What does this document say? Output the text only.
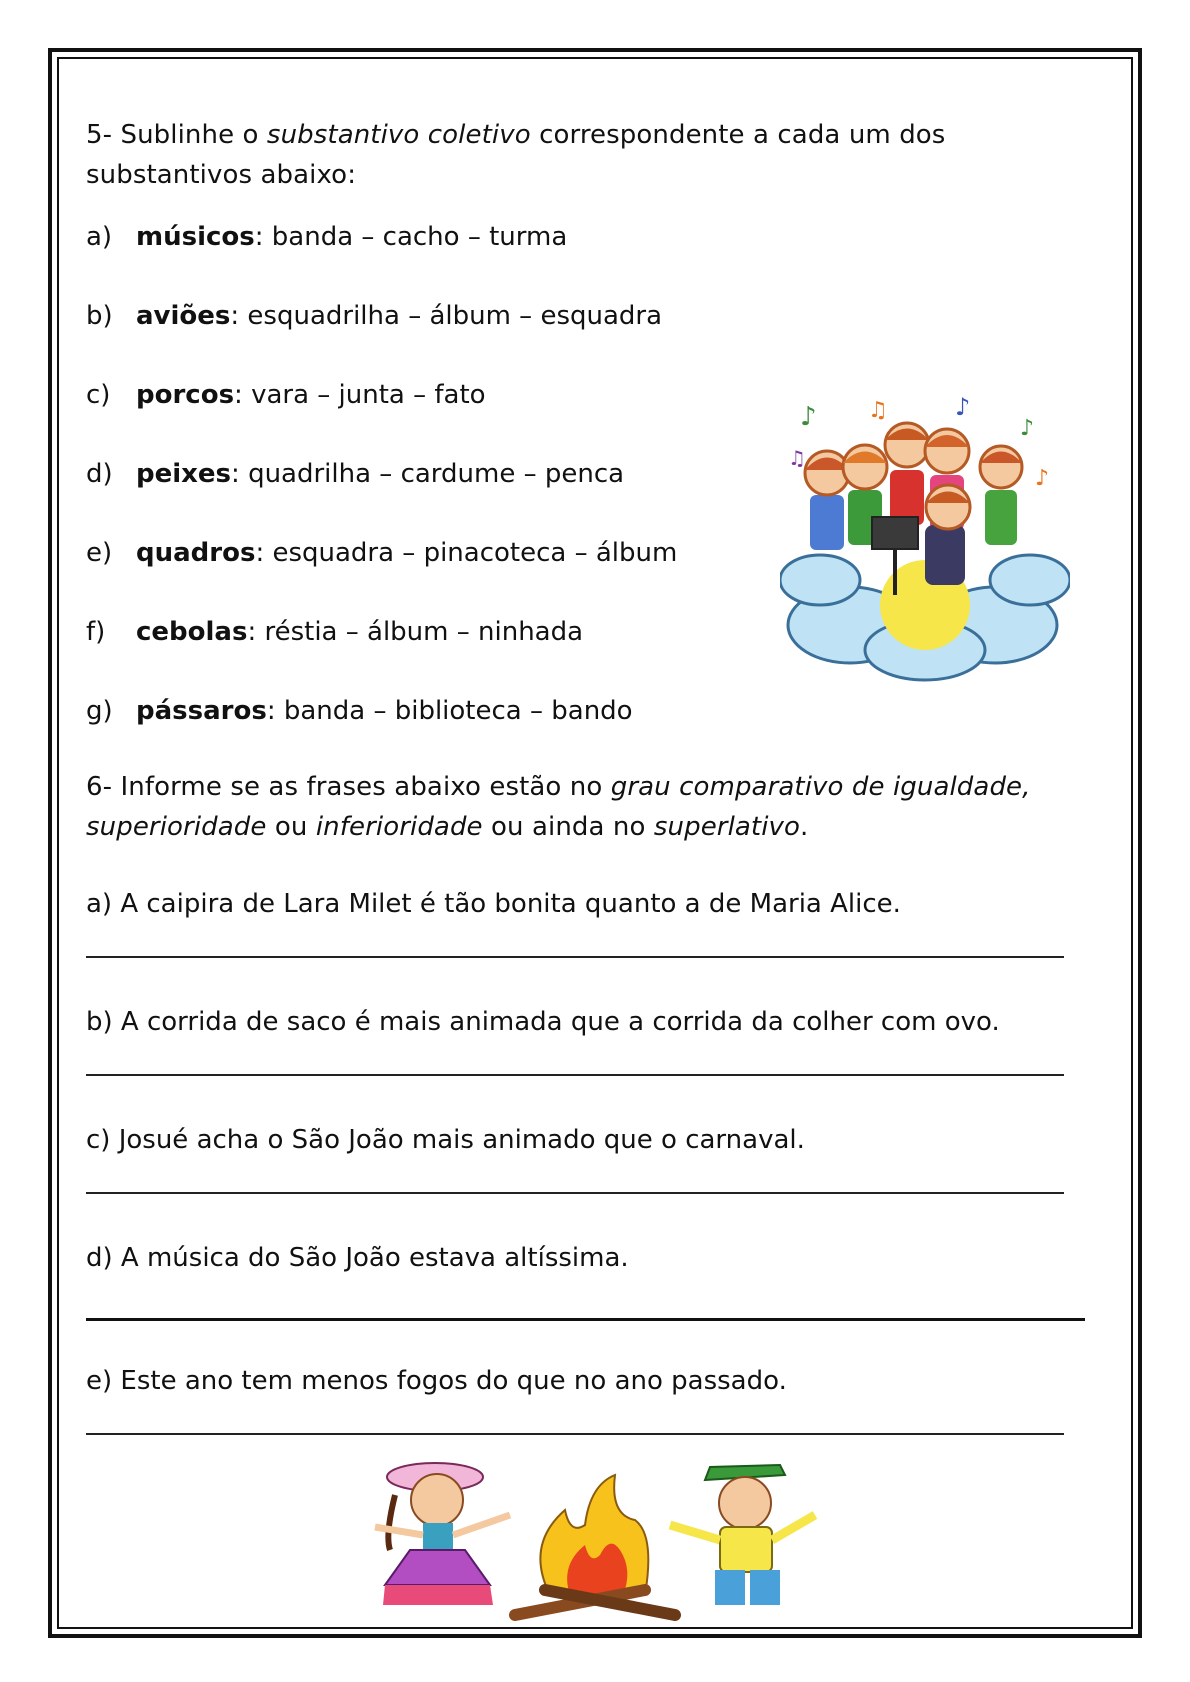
5- Sublinhe o substantivo coletivo correspondente a cada um dos
substantivos abaixo:
a) músicos: banda – cacho – turma
b) aviões: esquadrilha – álbum – esquadra
c) porcos: vara – junta – fato
d) peixes: quadrilha – cardume – penca
e) quadros: esquadra – pinacoteca – álbum
f) cebolas: réstia – álbum – ninhada
g) pássaros: banda – biblioteca – bando
♪ ♫	♪
♪
♫
♪
6- Informe se as frases abaixo estão no grau comparativo de igualdade,
superioridade ou inferioridade ou ainda no superlativo.
a) A caipira de Lara Milet é tão bonita quanto a de Maria Alice.
b) A corrida de saco é mais animada que a corrida da colher com ovo.
c) Josué acha o São João mais animado que o carnaval.
d) A música do São João estava altíssima.
e) Este ano tem menos fogos do que no ano passado.
